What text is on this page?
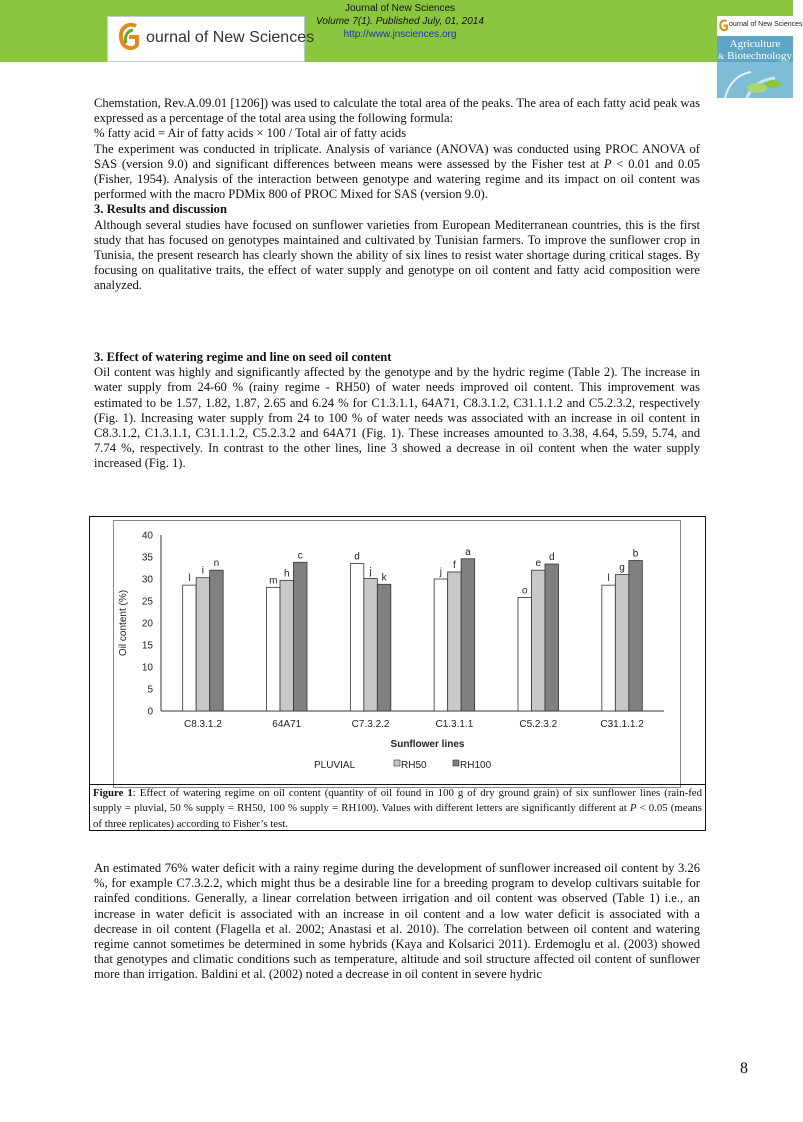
ournal of New Sciences
Journal of New Sciences
Volume 7(1). Published July, 01, 2014
http://www.jnsciences.org
ournal of New Sciences
Agriculture
& Biotechnology

Chemstation, Rev.A.09.01 [1206]) was used to calculate the total area of the peaks. The area of each fatty acid peak was expressed as a percentage of the total area using the following formula:

% fatty acid = Air of fatty acids × 100 / Total air of fatty acids

The experiment was conducted in triplicate. Analysis of variance (ANOVA) was conducted using PROC ANOVA of SAS (version 9.0) and significant differences between means were assessed by the Fisher test at P < 0.01 and 0.05 (Fisher, 1954). Analysis of the interaction between genotype and watering regime and its impact on oil content was performed with the macro PDMix 800 of PROC Mixed for SAS (version 9.0).

3. Results and discussion

Although several studies have focused on sunflower varieties from European Mediterranean countries, this is the first study that has focused on genotypes maintained and cultivated by Tunisian farmers. To improve the sunflower crop in Tunisia, the present research has clearly shown the ability of six lines to resist water shortage during critical stages. By focusing on qualitative traits, the effect of water supply and genotype on oil content and fatty acid composition were analyzed.

3. Effect of watering regime and line on seed oil content

Oil content was highly and significantly affected by the genotype and by the hydric regime (Table 2). The increase in water supply from 24-60 % (rainy regime - RH50) of water needs improved oil content. This improvement was estimated to be 1.57, 1.82, 1.87, 2.65 and 6.24 % for C1.3.1.1, 64A71, C8.3.1.2, C31.1.1.2 and C5.2.3.2, respectively (Fig. 1). Increasing water supply from 24 to 100 % of water needs was associated with an increase in oil content in C8.3.1.2, C1.3.1.1, C31.1.1.2, C5.2.3.2 and 64A71 (Fig. 1). These increases amounted to 3.38, 4.64, 5.59, 5.74, and 7.74 %, respectively. In contrast to the other lines, line 3 showed a decrease in oil content when the water supply increased (Fig. 1).

0
5
10
15
20
25
30
35
40
Oil content (%)
l
i
n
C8.3.1.2
m
h
c
64A71
d
j
k
C7.3.2.2
j
f
a
C1.3.1.1
o
e
d
C5.2.3.2
l
g
b
C31.1.1.2
Sunflower lines
PLUVIAL	RH50	RH100
Figure 1: Effect of watering regime on oil content (quantity of oil found in 100 g of dry ground grain) of six sunflower lines (rain-fed supply = pluvial, 50 % supply = RH50, 100 % supply = RH100). Values with different letters are significantly different at P < 0.05 (means of three replicates) according to Fisher’s test.

An estimated 76% water deficit with a rainy regime during the development of sunflower increased oil content by 3.26 %, for example C7.3.2.2, which might thus be a desirable line for a breeding program to develop cultivars suitable for rainfed conditions. Generally, a linear correlation between irrigation and oil content was observed (Table 1) i.e., an increase in water deficit is associated with an increase in oil content and a low water deficit is associated with a decrease in oil content (Flagella et al. 2002; Anastasi et al. 2010). The correlation between oil content and watering regime cannot sometimes be determined in some hybrids (Kaya and Kolsarici 2011). Erdemoglu et al. (2003) showed that genotypes and climatic conditions such as temperature, altitude and soil structure affected oil content of sunflower more than irrigation. Baldini et al. (2002) noted a decrease in oil content in severe hydric

8
